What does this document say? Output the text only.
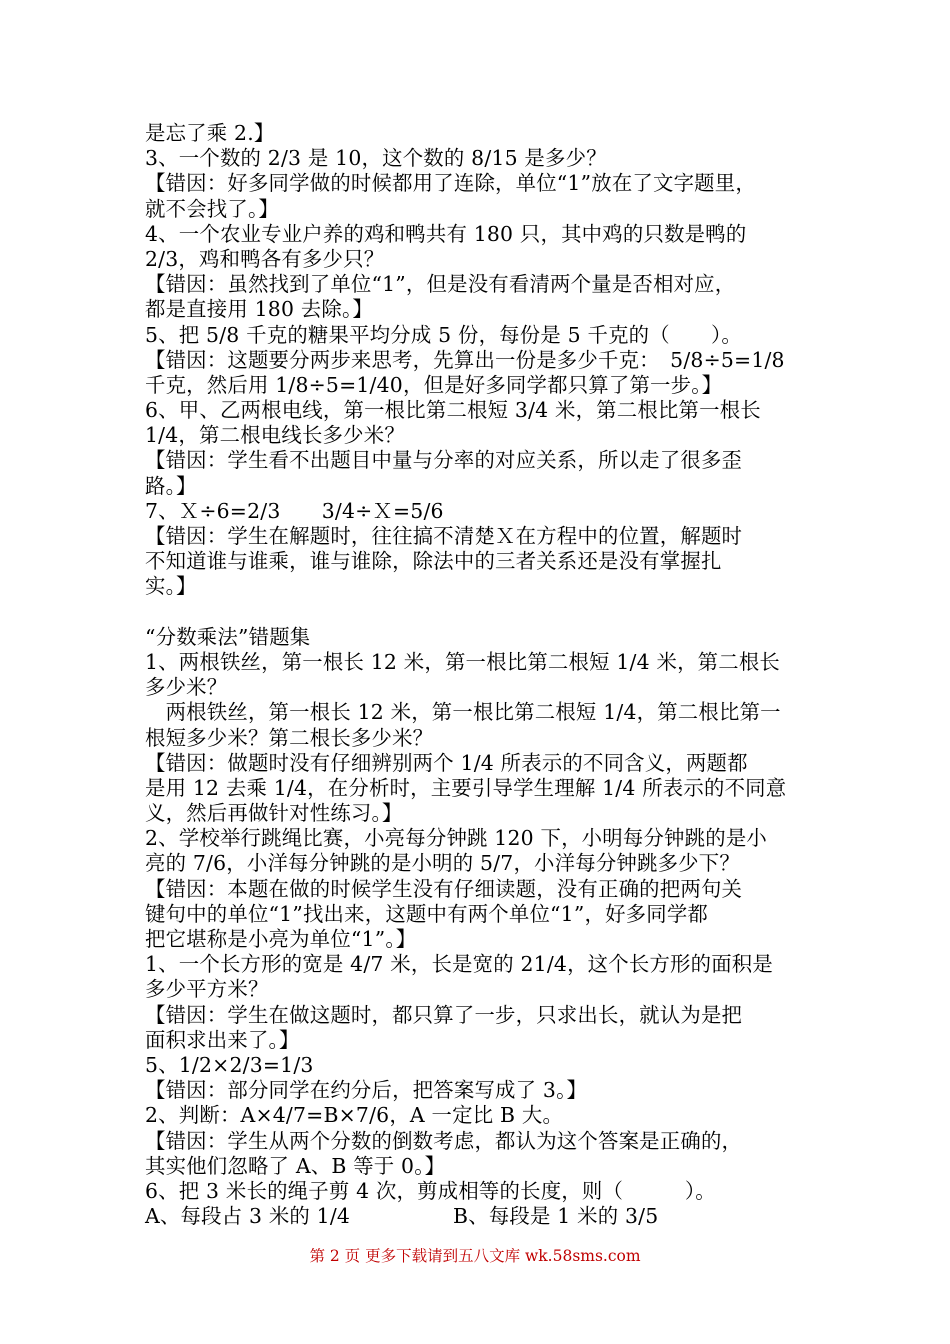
是忘了乘 2.】
3、一个数的 2/3 是 10，这个数的 8/15 是多少？
【错因：好多同学做的时候都用了连除，单位“1”放在了文字题里，
就不会找了。】
4、一个农业专业户养的鸡和鸭共有 180 只，其中鸡的只数是鸭的
2/3，鸡和鸭各有多少只？
【错因：虽然找到了单位“1”，但是没有看清两个量是否相对应，
都是直接用 180 去除。】
5、把 5/8 千克的糖果平均分成 5 份，每份是 5 千克的（　　）。
【错因：这题要分两步来思考，先算出一份是多少千克：　5/8÷5=1/8
千克，然后用 1/8÷5=1/40，但是好多同学都只算了第一步。】
6、甲、乙两根电线，第一根比第二根短 3/4 米，第二根比第一根长
1/4，第二根电线长多少米？
【错因：学生看不出题目中量与分率的对应关系，所以走了很多歪
路。】
7、Ｘ÷6=2/3　　3/4÷Ｘ=5/6
【错因：学生在解题时，往往搞不清楚Ｘ在方程中的位置，解题时
不知道谁与谁乘，谁与谁除，除法中的三者关系还是没有掌握扎
实。】
“分数乘法”错题集
1、两根铁丝，第一根长 12 米，第一根比第二根短 1/4 米，第二根长
多少米？
　两根铁丝，第一根长 12 米，第一根比第二根短 1/4，第二根比第一
根短多少米？第二根长多少米？
【错因：做题时没有仔细辨别两个 1/4 所表示的不同含义，两题都
是用 12 去乘 1/4，在分析时，主要引导学生理解 1/4 所表示的不同意
义，然后再做针对性练习。】
2、学校举行跳绳比赛，小亮每分钟跳 120 下，小明每分钟跳的是小
亮的 7/6，小洋每分钟跳的是小明的 5/7，小洋每分钟跳多少下？
【错因：本题在做的时候学生没有仔细读题，没有正确的把两句关
键句中的单位“1”找出来，这题中有两个单位“1”，好多同学都
把它堪称是小亮为单位“1”。】
1、一个长方形的宽是 4/7 米，长是宽的 21/4，这个长方形的面积是
多少平方米？
【错因：学生在做这题时，都只算了一步，只求出长，就认为是把
面积求出来了。】
5、1/2×2/3=1/3
【错因：部分同学在约分后，把答案写成了 3。】
2、判断：A×4/7=B×7/6，A 一定比 B 大。
【错因：学生从两个分数的倒数考虑，都认为这个答案是正确的，
其实他们忽略了 A、B 等于 0。】
6、把 3 米长的绳子剪 4 次，剪成相等的长度，则（　　　）。
A、每段占 3 米的 1/4　　　　　B、每段是 1 米的 3/5
第 2 页 更多下载请到五八文库 wk.58sms.com
